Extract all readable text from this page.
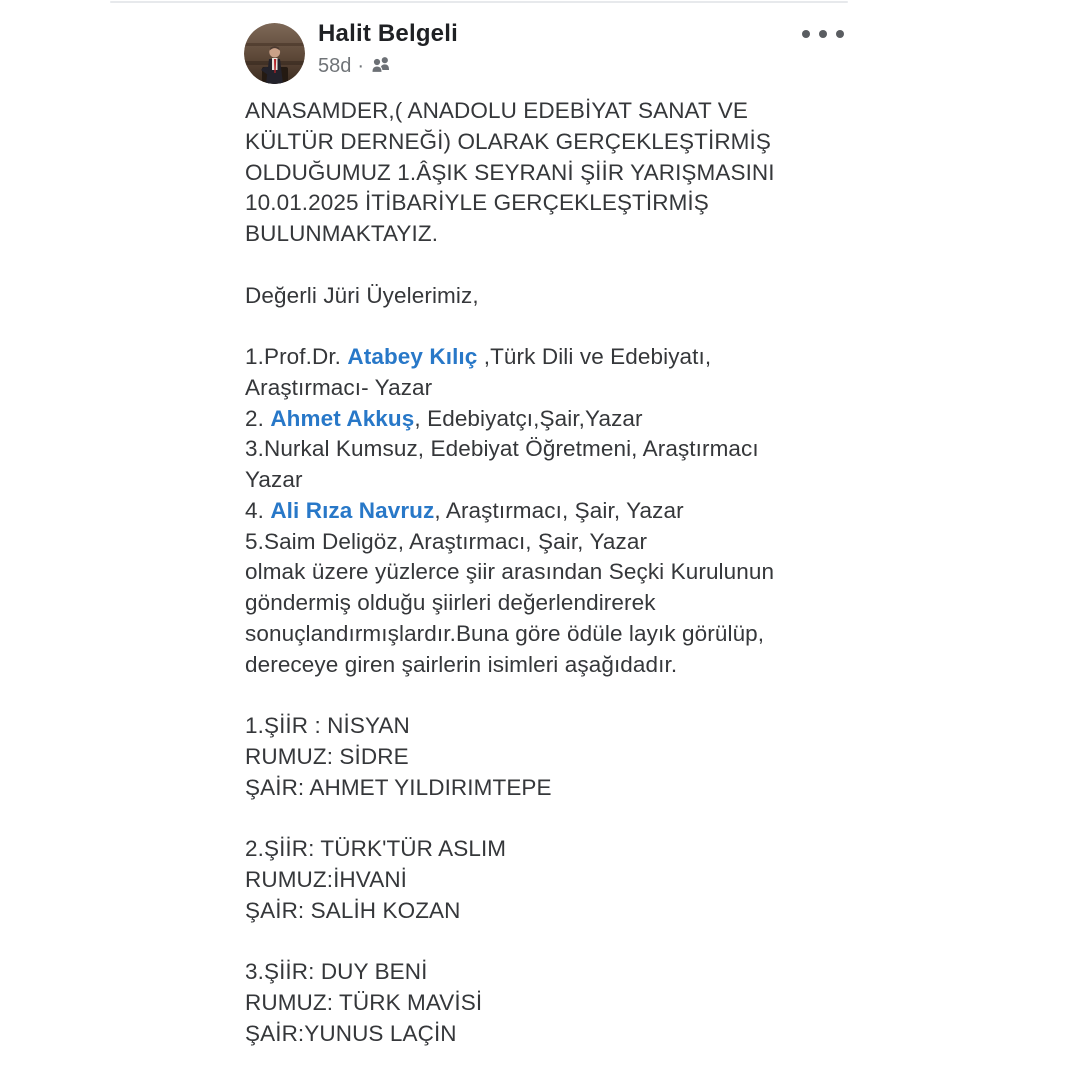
Halit Belgeli
58d ·
ANASAMDER,( ANADOLU EDEBİYAT SANAT VE
KÜLTÜR DERNEĞİ) OLARAK GERÇEKLEŞTİRMİŞ
OLDUĞUMUZ 1.ÂŞIK SEYRANİ ŞİİR YARIŞMASINI
10.01.2025 İTİBARİYLE GERÇEKLEŞTİRMİŞ
BULUNMAKTAYIZ.
Değerli Jüri Üyelerimiz,
1.Prof.Dr. Atabey Kılıç ,Türk Dili ve Edebiyatı,
Araştırmacı- Yazar
2. Ahmet Akkuş, Edebiyatçı,Şair,Yazar
3.Nurkal Kumsuz, Edebiyat Öğretmeni, Araştırmacı
Yazar
4. Ali Rıza Navruz, Araştırmacı, Şair, Yazar
5.Saim Deligöz, Araştırmacı, Şair, Yazar
olmak üzere yüzlerce şiir arasından Seçki Kurulunun
göndermiş olduğu şiirleri değerlendirerek
sonuçlandırmışlardır.Buna göre ödüle layık görülüp,
dereceye giren şairlerin isimleri aşağıdadır.
1.ŞİİR : NİSYAN
RUMUZ: SİDRE
ŞAİR: AHMET YILDIRIMTEPE
2.ŞİİR: TÜRK'TÜR ASLIM
RUMUZ:İHVANİ
ŞAİR: SALİH KOZAN
3.ŞİİR: DUY BENİ
RUMUZ: TÜRK MAVİSİ
ŞAİR:YUNUS LAÇİN
